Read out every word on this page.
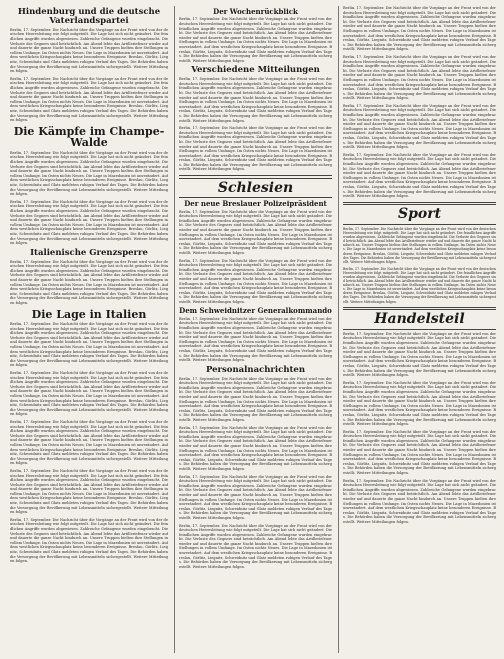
Hindenburg und die deutsche Vaterlandspartei

Berlin, 17. September. Die Nachricht über die Vorgänge an der Front wird von der deutschen Heeresleitung wie folgt mitgeteilt. Die Lage hat sich nicht geändert. Die feindlichen Angriffe wurden abgewiesen. Zahlreiche Gefangene wurden eingebracht. Die Verluste des Gegners sind beträchtlich. Am Abend lebte das Artilleriefeuer wieder auf und dauerte die ganze Nacht hindurch an. Unsere Truppen hielten ihre Stellungen in vollem Umfange. Im Osten nichts Neues. Die Lage in Mazedonien ist unverändert. Auf dem westlichen Kriegsschauplatz keine besonderen Ereignisse. Breslau, Görlitz, Liegnitz, Schweidnitz und Glatz meldeten ruhigen Verlauf des Tages. Die Behörden haben die Versorgung der Bevölkerung mit Lebensmitteln sichergestellt. Weitere Mitteilungen folgen.

Berlin, 17. September. Die Nachricht über die Vorgänge an der Front wird von der deutschen Heeresleitung wie folgt mitgeteilt. Die Lage hat sich nicht geändert. Die feindlichen Angriffe wurden abgewiesen. Zahlreiche Gefangene wurden eingebracht. Die Verluste des Gegners sind beträchtlich. Am Abend lebte das Artilleriefeuer wieder auf und dauerte die ganze Nacht hindurch an. Unsere Truppen hielten ihre Stellungen in vollem Umfange. Im Osten nichts Neues. Die Lage in Mazedonien ist unverändert. Auf dem westlichen Kriegsschauplatz keine besonderen Ereignisse. Breslau, Görlitz, Liegnitz, Schweidnitz und Glatz meldeten ruhigen Verlauf des Tages. Die Behörden haben die Versorgung der Bevölkerung mit Lebensmitteln sichergestellt. Weitere Mitteilungen folgen.

Die Kämpfe im Champe-Walde

Berlin, 17. September. Die Nachricht über die Vorgänge an der Front wird von der deutschen Heeresleitung wie folgt mitgeteilt. Die Lage hat sich nicht geändert. Die feindlichen Angriffe wurden abgewiesen. Zahlreiche Gefangene wurden eingebracht. Die Verluste des Gegners sind beträchtlich. Am Abend lebte das Artilleriefeuer wieder auf und dauerte die ganze Nacht hindurch an. Unsere Truppen hielten ihre Stellungen in vollem Umfange. Im Osten nichts Neues. Die Lage in Mazedonien ist unverändert. Auf dem westlichen Kriegsschauplatz keine besonderen Ereignisse. Breslau, Görlitz, Liegnitz, Schweidnitz und Glatz meldeten ruhigen Verlauf des Tages. Die Behörden haben die Versorgung der Bevölkerung mit Lebensmitteln sichergestellt. Weitere Mitteilungen folgen.

Berlin, 17. September. Die Nachricht über die Vorgänge an der Front wird von der deutschen Heeresleitung wie folgt mitgeteilt. Die Lage hat sich nicht geändert. Die feindlichen Angriffe wurden abgewiesen. Zahlreiche Gefangene wurden eingebracht. Die Verluste des Gegners sind beträchtlich. Am Abend lebte das Artilleriefeuer wieder auf und dauerte die ganze Nacht hindurch an. Unsere Truppen hielten ihre Stellungen in vollem Umfange. Im Osten nichts Neues. Die Lage in Mazedonien ist unverändert. Auf dem westlichen Kriegsschauplatz keine besonderen Ereignisse. Breslau, Görlitz, Liegnitz, Schweidnitz und Glatz meldeten ruhigen Verlauf des Tages. Die Behörden haben die Versorgung der Bevölkerung mit Lebensmitteln sichergestellt. Weitere Mitteilungen folgen.

Italienische Grenzsperre

Berlin, 17. September. Die Nachricht über die Vorgänge an der Front wird von der deutschen Heeresleitung wie folgt mitgeteilt. Die Lage hat sich nicht geändert. Die feindlichen Angriffe wurden abgewiesen. Zahlreiche Gefangene wurden eingebracht. Die Verluste des Gegners sind beträchtlich. Am Abend lebte das Artilleriefeuer wieder auf und dauerte die ganze Nacht hindurch an. Unsere Truppen hielten ihre Stellungen in vollem Umfange. Im Osten nichts Neues. Die Lage in Mazedonien ist unverändert. Auf dem westlichen Kriegsschauplatz keine besonderen Ereignisse. Breslau, Görlitz, Liegnitz, Schweidnitz und Glatz meldeten ruhigen Verlauf des Tages. Die Behörden haben die Versorgung der Bevölkerung mit Lebensmitteln sichergestellt. Weitere Mitteilungen folgen.

Die Lage in Italien

Berlin, 17. September. Die Nachricht über die Vorgänge an der Front wird von der deutschen Heeresleitung wie folgt mitgeteilt. Die Lage hat sich nicht geändert. Die feindlichen Angriffe wurden abgewiesen. Zahlreiche Gefangene wurden eingebracht. Die Verluste des Gegners sind beträchtlich. Am Abend lebte das Artilleriefeuer wieder auf und dauerte die ganze Nacht hindurch an. Unsere Truppen hielten ihre Stellungen in vollem Umfange. Im Osten nichts Neues. Die Lage in Mazedonien ist unverändert. Auf dem westlichen Kriegsschauplatz keine besonderen Ereignisse. Breslau, Görlitz, Liegnitz, Schweidnitz und Glatz meldeten ruhigen Verlauf des Tages. Die Behörden haben die Versorgung der Bevölkerung mit Lebensmitteln sichergestellt. Weitere Mitteilungen folgen.

Berlin, 17. September. Die Nachricht über die Vorgänge an der Front wird von der deutschen Heeresleitung wie folgt mitgeteilt. Die Lage hat sich nicht geändert. Die feindlichen Angriffe wurden abgewiesen. Zahlreiche Gefangene wurden eingebracht. Die Verluste des Gegners sind beträchtlich. Am Abend lebte das Artilleriefeuer wieder auf und dauerte die ganze Nacht hindurch an. Unsere Truppen hielten ihre Stellungen in vollem Umfange. Im Osten nichts Neues. Die Lage in Mazedonien ist unverändert. Auf dem westlichen Kriegsschauplatz keine besonderen Ereignisse. Breslau, Görlitz, Liegnitz, Schweidnitz und Glatz meldeten ruhigen Verlauf des Tages. Die Behörden haben die Versorgung der Bevölkerung mit Lebensmitteln sichergestellt. Weitere Mitteilungen folgen.

Berlin, 17. September. Die Nachricht über die Vorgänge an der Front wird von der deutschen Heeresleitung wie folgt mitgeteilt. Die Lage hat sich nicht geändert. Die feindlichen Angriffe wurden abgewiesen. Zahlreiche Gefangene wurden eingebracht. Die Verluste des Gegners sind beträchtlich. Am Abend lebte das Artilleriefeuer wieder auf und dauerte die ganze Nacht hindurch an. Unsere Truppen hielten ihre Stellungen in vollem Umfange. Im Osten nichts Neues. Die Lage in Mazedonien ist unverändert. Auf dem westlichen Kriegsschauplatz keine besonderen Ereignisse. Breslau, Görlitz, Liegnitz, Schweidnitz und Glatz meldeten ruhigen Verlauf des Tages. Die Behörden haben die Versorgung der Bevölkerung mit Lebensmitteln sichergestellt. Weitere Mitteilungen folgen.

Berlin, 17. September. Die Nachricht über die Vorgänge an der Front wird von der deutschen Heeresleitung wie folgt mitgeteilt. Die Lage hat sich nicht geändert. Die feindlichen Angriffe wurden abgewiesen. Zahlreiche Gefangene wurden eingebracht. Die Verluste des Gegners sind beträchtlich. Am Abend lebte das Artilleriefeuer wieder auf und dauerte die ganze Nacht hindurch an. Unsere Truppen hielten ihre Stellungen in vollem Umfange. Im Osten nichts Neues. Die Lage in Mazedonien ist unverändert. Auf dem westlichen Kriegsschauplatz keine besonderen Ereignisse. Breslau, Görlitz, Liegnitz, Schweidnitz und Glatz meldeten ruhigen Verlauf des Tages. Die Behörden haben die Versorgung der Bevölkerung mit Lebensmitteln sichergestellt. Weitere Mitteilungen folgen.

Berlin, 17. September. Die Nachricht über die Vorgänge an der Front wird von der deutschen Heeresleitung wie folgt mitgeteilt. Die Lage hat sich nicht geändert. Die feindlichen Angriffe wurden abgewiesen. Zahlreiche Gefangene wurden eingebracht. Die Verluste des Gegners sind beträchtlich. Am Abend lebte das Artilleriefeuer wieder auf und dauerte die ganze Nacht hindurch an. Unsere Truppen hielten ihre Stellungen in vollem Umfange. Im Osten nichts Neues. Die Lage in Mazedonien ist unverändert. Auf dem westlichen Kriegsschauplatz keine besonderen Ereignisse. Breslau, Görlitz, Liegnitz, Schweidnitz und Glatz meldeten ruhigen Verlauf des Tages. Die Behörden haben die Versorgung der Bevölkerung mit Lebensmitteln sichergestellt. Weitere Mitteilungen folgen.

Der Wochenrückblick

Berlin, 17. September. Die Nachricht über die Vorgänge an der Front wird von der deutschen Heeresleitung wie folgt mitgeteilt. Die Lage hat sich nicht geändert. Die feindlichen Angriffe wurden abgewiesen. Zahlreiche Gefangene wurden eingebracht. Die Verluste des Gegners sind beträchtlich. Am Abend lebte das Artilleriefeuer wieder auf und dauerte die ganze Nacht hindurch an. Unsere Truppen hielten ihre Stellungen in vollem Umfange. Im Osten nichts Neues. Die Lage in Mazedonien ist unverändert. Auf dem westlichen Kriegsschauplatz keine besonderen Ereignisse. Breslau, Görlitz, Liegnitz, Schweidnitz und Glatz meldeten ruhigen Verlauf des Tages. Die Behörden haben die Versorgung der Bevölkerung mit Lebensmitteln sichergestellt. Weitere Mitteilungen folgen.

Verschiedene Mitteilungen

Berlin, 17. September. Die Nachricht über die Vorgänge an der Front wird von der deutschen Heeresleitung wie folgt mitgeteilt. Die Lage hat sich nicht geändert. Die feindlichen Angriffe wurden abgewiesen. Zahlreiche Gefangene wurden eingebracht. Die Verluste des Gegners sind beträchtlich. Am Abend lebte das Artilleriefeuer wieder auf und dauerte die ganze Nacht hindurch an. Unsere Truppen hielten ihre Stellungen in vollem Umfange. Im Osten nichts Neues. Die Lage in Mazedonien ist unverändert. Auf dem westlichen Kriegsschauplatz keine besonderen Ereignisse. Breslau, Görlitz, Liegnitz, Schweidnitz und Glatz meldeten ruhigen Verlauf des Tages. Die Behörden haben die Versorgung der Bevölkerung mit Lebensmitteln sichergestellt. Weitere Mitteilungen folgen.

Berlin, 17. September. Die Nachricht über die Vorgänge an der Front wird von der deutschen Heeresleitung wie folgt mitgeteilt. Die Lage hat sich nicht geändert. Die feindlichen Angriffe wurden abgewiesen. Zahlreiche Gefangene wurden eingebracht. Die Verluste des Gegners sind beträchtlich. Am Abend lebte das Artilleriefeuer wieder auf und dauerte die ganze Nacht hindurch an. Unsere Truppen hielten ihre Stellungen in vollem Umfange. Im Osten nichts Neues. Die Lage in Mazedonien ist unverändert. Auf dem westlichen Kriegsschauplatz keine besonderen Ereignisse. Breslau, Görlitz, Liegnitz, Schweidnitz und Glatz meldeten ruhigen Verlauf des Tages. Die Behörden haben die Versorgung der Bevölkerung mit Lebensmitteln sichergestellt. Weitere Mitteilungen folgen.

Schlesien
Der neue Breslauer Polizeipräsident

Berlin, 17. September. Die Nachricht über die Vorgänge an der Front wird von der deutschen Heeresleitung wie folgt mitgeteilt. Die Lage hat sich nicht geändert. Die feindlichen Angriffe wurden abgewiesen. Zahlreiche Gefangene wurden eingebracht. Die Verluste des Gegners sind beträchtlich. Am Abend lebte das Artilleriefeuer wieder auf und dauerte die ganze Nacht hindurch an. Unsere Truppen hielten ihre Stellungen in vollem Umfange. Im Osten nichts Neues. Die Lage in Mazedonien ist unverändert. Auf dem westlichen Kriegsschauplatz keine besonderen Ereignisse. Breslau, Görlitz, Liegnitz, Schweidnitz und Glatz meldeten ruhigen Verlauf des Tages. Die Behörden haben die Versorgung der Bevölkerung mit Lebensmitteln sichergestellt. Weitere Mitteilungen folgen.

Berlin, 17. September. Die Nachricht über die Vorgänge an der Front wird von der deutschen Heeresleitung wie folgt mitgeteilt. Die Lage hat sich nicht geändert. Die feindlichen Angriffe wurden abgewiesen. Zahlreiche Gefangene wurden eingebracht. Die Verluste des Gegners sind beträchtlich. Am Abend lebte das Artilleriefeuer wieder auf und dauerte die ganze Nacht hindurch an. Unsere Truppen hielten ihre Stellungen in vollem Umfange. Im Osten nichts Neues. Die Lage in Mazedonien ist unverändert. Auf dem westlichen Kriegsschauplatz keine besonderen Ereignisse. Breslau, Görlitz, Liegnitz, Schweidnitz und Glatz meldeten ruhigen Verlauf des Tages. Die Behörden haben die Versorgung der Bevölkerung mit Lebensmitteln sichergestellt. Weitere Mitteilungen folgen.

Dem Schweidnitzer Generalkommando

Berlin, 17. September. Die Nachricht über die Vorgänge an der Front wird von der deutschen Heeresleitung wie folgt mitgeteilt. Die Lage hat sich nicht geändert. Die feindlichen Angriffe wurden abgewiesen. Zahlreiche Gefangene wurden eingebracht. Die Verluste des Gegners sind beträchtlich. Am Abend lebte das Artilleriefeuer wieder auf und dauerte die ganze Nacht hindurch an. Unsere Truppen hielten ihre Stellungen in vollem Umfange. Im Osten nichts Neues. Die Lage in Mazedonien ist unverändert. Auf dem westlichen Kriegsschauplatz keine besonderen Ereignisse. Breslau, Görlitz, Liegnitz, Schweidnitz und Glatz meldeten ruhigen Verlauf des Tages. Die Behörden haben die Versorgung der Bevölkerung mit Lebensmitteln sichergestellt. Weitere Mitteilungen folgen.

Personalnachrichten

Berlin, 17. September. Die Nachricht über die Vorgänge an der Front wird von der deutschen Heeresleitung wie folgt mitgeteilt. Die Lage hat sich nicht geändert. Die feindlichen Angriffe wurden abgewiesen. Zahlreiche Gefangene wurden eingebracht. Die Verluste des Gegners sind beträchtlich. Am Abend lebte das Artilleriefeuer wieder auf und dauerte die ganze Nacht hindurch an. Unsere Truppen hielten ihre Stellungen in vollem Umfange. Im Osten nichts Neues. Die Lage in Mazedonien ist unverändert. Auf dem westlichen Kriegsschauplatz keine besonderen Ereignisse. Breslau, Görlitz, Liegnitz, Schweidnitz und Glatz meldeten ruhigen Verlauf des Tages. Die Behörden haben die Versorgung der Bevölkerung mit Lebensmitteln sichergestellt. Weitere Mitteilungen folgen.

Berlin, 17. September. Die Nachricht über die Vorgänge an der Front wird von der deutschen Heeresleitung wie folgt mitgeteilt. Die Lage hat sich nicht geändert. Die feindlichen Angriffe wurden abgewiesen. Zahlreiche Gefangene wurden eingebracht. Die Verluste des Gegners sind beträchtlich. Am Abend lebte das Artilleriefeuer wieder auf und dauerte die ganze Nacht hindurch an. Unsere Truppen hielten ihre Stellungen in vollem Umfange. Im Osten nichts Neues. Die Lage in Mazedonien ist unverändert. Auf dem westlichen Kriegsschauplatz keine besonderen Ereignisse. Breslau, Görlitz, Liegnitz, Schweidnitz und Glatz meldeten ruhigen Verlauf des Tages. Die Behörden haben die Versorgung der Bevölkerung mit Lebensmitteln sichergestellt. Weitere Mitteilungen folgen.

Berlin, 17. September. Die Nachricht über die Vorgänge an der Front wird von der deutschen Heeresleitung wie folgt mitgeteilt. Die Lage hat sich nicht geändert. Die feindlichen Angriffe wurden abgewiesen. Zahlreiche Gefangene wurden eingebracht. Die Verluste des Gegners sind beträchtlich. Am Abend lebte das Artilleriefeuer wieder auf und dauerte die ganze Nacht hindurch an. Unsere Truppen hielten ihre Stellungen in vollem Umfange. Im Osten nichts Neues. Die Lage in Mazedonien ist unverändert. Auf dem westlichen Kriegsschauplatz keine besonderen Ereignisse. Breslau, Görlitz, Liegnitz, Schweidnitz und Glatz meldeten ruhigen Verlauf des Tages. Die Behörden haben die Versorgung der Bevölkerung mit Lebensmitteln sichergestellt. Weitere Mitteilungen folgen.

Berlin, 17. September. Die Nachricht über die Vorgänge an der Front wird von der deutschen Heeresleitung wie folgt mitgeteilt. Die Lage hat sich nicht geändert. Die feindlichen Angriffe wurden abgewiesen. Zahlreiche Gefangene wurden eingebracht. Die Verluste des Gegners sind beträchtlich. Am Abend lebte das Artilleriefeuer wieder auf und dauerte die ganze Nacht hindurch an. Unsere Truppen hielten ihre Stellungen in vollem Umfange. Im Osten nichts Neues. Die Lage in Mazedonien ist unverändert. Auf dem westlichen Kriegsschauplatz keine besonderen Ereignisse. Breslau, Görlitz, Liegnitz, Schweidnitz und Glatz meldeten ruhigen Verlauf des Tages. Die Behörden haben die Versorgung der Bevölkerung mit Lebensmitteln sichergestellt. Weitere Mitteilungen folgen.

Berlin, 17. September. Die Nachricht über die Vorgänge an der Front wird von der deutschen Heeresleitung wie folgt mitgeteilt. Die Lage hat sich nicht geändert. Die feindlichen Angriffe wurden abgewiesen. Zahlreiche Gefangene wurden eingebracht. Die Verluste des Gegners sind beträchtlich. Am Abend lebte das Artilleriefeuer wieder auf und dauerte die ganze Nacht hindurch an. Unsere Truppen hielten ihre Stellungen in vollem Umfange. Im Osten nichts Neues. Die Lage in Mazedonien ist unverändert. Auf dem westlichen Kriegsschauplatz keine besonderen Ereignisse. Breslau, Görlitz, Liegnitz, Schweidnitz und Glatz meldeten ruhigen Verlauf des Tages. Die Behörden haben die Versorgung der Bevölkerung mit Lebensmitteln sichergestellt. Weitere Mitteilungen folgen.

Berlin, 17. September. Die Nachricht über die Vorgänge an der Front wird von der deutschen Heeresleitung wie folgt mitgeteilt. Die Lage hat sich nicht geändert. Die feindlichen Angriffe wurden abgewiesen. Zahlreiche Gefangene wurden eingebracht. Die Verluste des Gegners sind beträchtlich. Am Abend lebte das Artilleriefeuer wieder auf und dauerte die ganze Nacht hindurch an. Unsere Truppen hielten ihre Stellungen in vollem Umfange. Im Osten nichts Neues. Die Lage in Mazedonien ist unverändert. Auf dem westlichen Kriegsschauplatz keine besonderen Ereignisse. Breslau, Görlitz, Liegnitz, Schweidnitz und Glatz meldeten ruhigen Verlauf des Tages. Die Behörden haben die Versorgung der Bevölkerung mit Lebensmitteln sichergestellt. Weitere Mitteilungen folgen.

Berlin, 17. September. Die Nachricht über die Vorgänge an der Front wird von der deutschen Heeresleitung wie folgt mitgeteilt. Die Lage hat sich nicht geändert. Die feindlichen Angriffe wurden abgewiesen. Zahlreiche Gefangene wurden eingebracht. Die Verluste des Gegners sind beträchtlich. Am Abend lebte das Artilleriefeuer wieder auf und dauerte die ganze Nacht hindurch an. Unsere Truppen hielten ihre Stellungen in vollem Umfange. Im Osten nichts Neues. Die Lage in Mazedonien ist unverändert. Auf dem westlichen Kriegsschauplatz keine besonderen Ereignisse. Breslau, Görlitz, Liegnitz, Schweidnitz und Glatz meldeten ruhigen Verlauf des Tages. Die Behörden haben die Versorgung der Bevölkerung mit Lebensmitteln sichergestellt. Weitere Mitteilungen folgen.

Berlin, 17. September. Die Nachricht über die Vorgänge an der Front wird von der deutschen Heeresleitung wie folgt mitgeteilt. Die Lage hat sich nicht geändert. Die feindlichen Angriffe wurden abgewiesen. Zahlreiche Gefangene wurden eingebracht. Die Verluste des Gegners sind beträchtlich. Am Abend lebte das Artilleriefeuer wieder auf und dauerte die ganze Nacht hindurch an. Unsere Truppen hielten ihre Stellungen in vollem Umfange. Im Osten nichts Neues. Die Lage in Mazedonien ist unverändert. Auf dem westlichen Kriegsschauplatz keine besonderen Ereignisse. Breslau, Görlitz, Liegnitz, Schweidnitz und Glatz meldeten ruhigen Verlauf des Tages. Die Behörden haben die Versorgung der Bevölkerung mit Lebensmitteln sichergestellt. Weitere Mitteilungen folgen.

Sport

Berlin, 17. September. Die Nachricht über die Vorgänge an der Front wird von der deutschen Heeresleitung wie folgt mitgeteilt. Die Lage hat sich nicht geändert. Die feindlichen Angriffe wurden abgewiesen. Zahlreiche Gefangene wurden eingebracht. Die Verluste des Gegners sind beträchtlich. Am Abend lebte das Artilleriefeuer wieder auf und dauerte die ganze Nacht hindurch an. Unsere Truppen hielten ihre Stellungen in vollem Umfange. Im Osten nichts Neues. Die Lage in Mazedonien ist unverändert. Auf dem westlichen Kriegsschauplatz keine besonderen Ereignisse. Breslau, Görlitz, Liegnitz, Schweidnitz und Glatz meldeten ruhigen Verlauf des Tages. Die Behörden haben die Versorgung der Bevölkerung mit Lebensmitteln sichergestellt. Weitere Mitteilungen folgen.

Berlin, 17. September. Die Nachricht über die Vorgänge an der Front wird von der deutschen Heeresleitung wie folgt mitgeteilt. Die Lage hat sich nicht geändert. Die feindlichen Angriffe wurden abgewiesen. Zahlreiche Gefangene wurden eingebracht. Die Verluste des Gegners sind beträchtlich. Am Abend lebte das Artilleriefeuer wieder auf und dauerte die ganze Nacht hindurch an. Unsere Truppen hielten ihre Stellungen in vollem Umfange. Im Osten nichts Neues. Die Lage in Mazedonien ist unverändert. Auf dem westlichen Kriegsschauplatz keine besonderen Ereignisse. Breslau, Görlitz, Liegnitz, Schweidnitz und Glatz meldeten ruhigen Verlauf des Tages. Die Behörden haben die Versorgung der Bevölkerung mit Lebensmitteln sichergestellt. Weitere Mitteilungen folgen.

Handelsteil

Berlin, 17. September. Die Nachricht über die Vorgänge an der Front wird von der deutschen Heeresleitung wie folgt mitgeteilt. Die Lage hat sich nicht geändert. Die feindlichen Angriffe wurden abgewiesen. Zahlreiche Gefangene wurden eingebracht. Die Verluste des Gegners sind beträchtlich. Am Abend lebte das Artilleriefeuer wieder auf und dauerte die ganze Nacht hindurch an. Unsere Truppen hielten ihre Stellungen in vollem Umfange. Im Osten nichts Neues. Die Lage in Mazedonien ist unverändert. Auf dem westlichen Kriegsschauplatz keine besonderen Ereignisse. Breslau, Görlitz, Liegnitz, Schweidnitz und Glatz meldeten ruhigen Verlauf des Tages. Die Behörden haben die Versorgung der Bevölkerung mit Lebensmitteln sichergestellt. Weitere Mitteilungen folgen.

Berlin, 17. September. Die Nachricht über die Vorgänge an der Front wird von der deutschen Heeresleitung wie folgt mitgeteilt. Die Lage hat sich nicht geändert. Die feindlichen Angriffe wurden abgewiesen. Zahlreiche Gefangene wurden eingebracht. Die Verluste des Gegners sind beträchtlich. Am Abend lebte das Artilleriefeuer wieder auf und dauerte die ganze Nacht hindurch an. Unsere Truppen hielten ihre Stellungen in vollem Umfange. Im Osten nichts Neues. Die Lage in Mazedonien ist unverändert. Auf dem westlichen Kriegsschauplatz keine besonderen Ereignisse. Breslau, Görlitz, Liegnitz, Schweidnitz und Glatz meldeten ruhigen Verlauf des Tages. Die Behörden haben die Versorgung der Bevölkerung mit Lebensmitteln sichergestellt. Weitere Mitteilungen folgen.

Berlin, 17. September. Die Nachricht über die Vorgänge an der Front wird von der deutschen Heeresleitung wie folgt mitgeteilt. Die Lage hat sich nicht geändert. Die feindlichen Angriffe wurden abgewiesen. Zahlreiche Gefangene wurden eingebracht. Die Verluste des Gegners sind beträchtlich. Am Abend lebte das Artilleriefeuer wieder auf und dauerte die ganze Nacht hindurch an. Unsere Truppen hielten ihre Stellungen in vollem Umfange. Im Osten nichts Neues. Die Lage in Mazedonien ist unverändert. Auf dem westlichen Kriegsschauplatz keine besonderen Ereignisse. Breslau, Görlitz, Liegnitz, Schweidnitz und Glatz meldeten ruhigen Verlauf des Tages. Die Behörden haben die Versorgung der Bevölkerung mit Lebensmitteln sichergestellt. Weitere Mitteilungen folgen.

Berlin, 17. September. Die Nachricht über die Vorgänge an der Front wird von der deutschen Heeresleitung wie folgt mitgeteilt. Die Lage hat sich nicht geändert. Die feindlichen Angriffe wurden abgewiesen. Zahlreiche Gefangene wurden eingebracht. Die Verluste des Gegners sind beträchtlich. Am Abend lebte das Artilleriefeuer wieder auf und dauerte die ganze Nacht hindurch an. Unsere Truppen hielten ihre Stellungen in vollem Umfange. Im Osten nichts Neues. Die Lage in Mazedonien ist unverändert. Auf dem westlichen Kriegsschauplatz keine besonderen Ereignisse. Breslau, Görlitz, Liegnitz, Schweidnitz und Glatz meldeten ruhigen Verlauf des Tages. Die Behörden haben die Versorgung der Bevölkerung mit Lebensmitteln sichergestellt. Weitere Mitteilungen folgen.
